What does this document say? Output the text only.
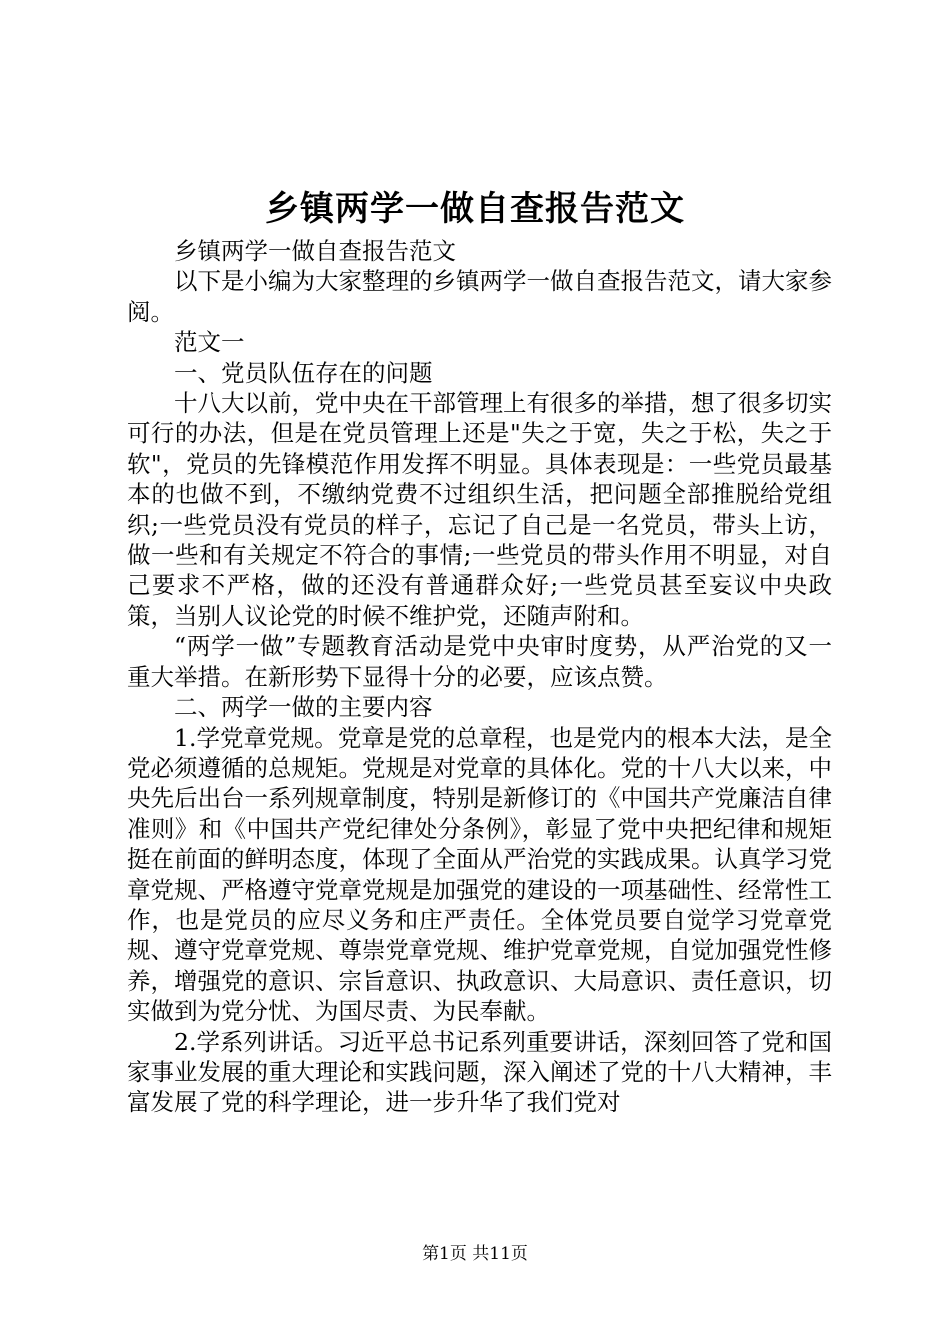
乡镇两学一做自查报告范文

乡镇两学一做自查报告范文

以下是小编为大家整理的乡镇两学一做自查报告范文，请大家参阅。

范文一

一、党员队伍存在的问题

十八大以前，党中央在干部管理上有很多的举措，想了很多切实可行的办法，但是在党员管理上还是"失之于宽，失之于松，失之于软"，党员的先锋模范作用发挥不明显。具体表现是：一些党员最基本的也做不到，不缴纳党费不过组织生活，把问题全部推脱给党组织;一些党员没有党员的样子，忘记了自己是一名党员，带头上访，做一些和有关规定不符合的事情;一些党员的带头作用不明显，对自己要求不严格，做的还没有普通群众好;一些党员甚至妄议中央政策，当别人议论党的时候不维护党，还随声附和。

“两学一做”专题教育活动是党中央审时度势，从严治党的又一重大举措。在新形势下显得十分的必要，应该点赞。

二、两学一做的主要内容

1.学党章党规。党章是党的总章程，也是党内的根本大法，是全党必须遵循的总规矩。党规是对党章的具体化。党的十八大以来，中央先后出台一系列规章制度，特别是新修订的《中国共产党廉洁自律准则》和《中国共产党纪律处分条例》，彰显了党中央把纪律和规矩挺在前面的鲜明态度，体现了全面从严治党的实践成果。认真学习党章党规、严格遵守党章党规是加强党的建设的一项基础性、经常性工作，也是党员的应尽义务和庄严责任。全体党员要自觉学习党章党规、遵守党章党规、尊崇党章党规、维护党章党规，自觉加强党性修养，增强党的意识、宗旨意识、执政意识、大局意识、责任意识，切实做到为党分忧、为国尽责、为民奉献。

2.学系列讲话。习近平总书记系列重要讲话，深刻回答了党和国家事业发展的重大理论和实践问题，深入阐述了党的十八大精神，丰富发展了党的科学理论，进一步升华了我们党对

第1页 共11页
